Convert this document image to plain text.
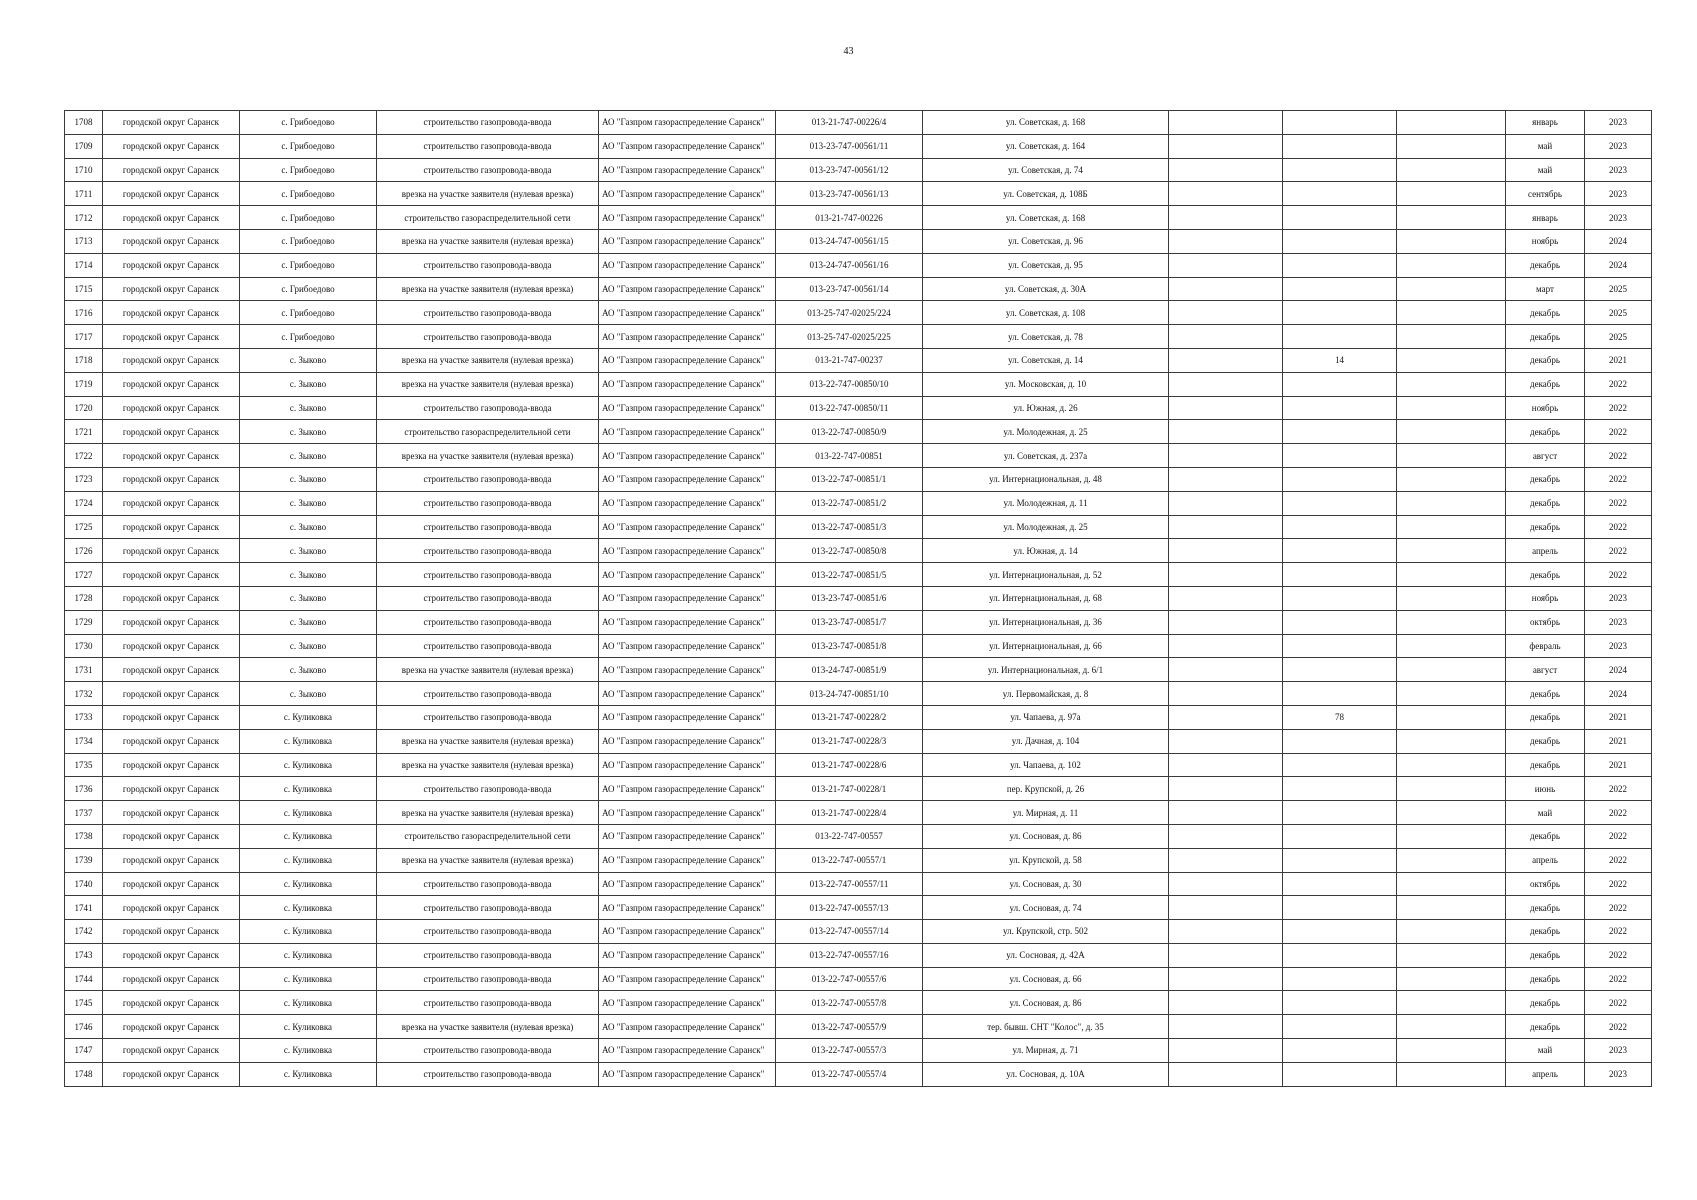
43
1708	городской округ Саранск	с. Грибоедово	строительство газопровода-ввода	АО "Газпром газораспределение Саранск"	013-21-747-00226/4	ул. Советская, д. 168				январь	2023
1709	городской округ Саранск	с. Грибоедово	строительство газопровода-ввода	АО "Газпром газораспределение Саранск"	013-23-747-00561/11	ул. Советская, д. 164				май	2023
1710	городской округ Саранск	с. Грибоедово	строительство газопровода-ввода	АО "Газпром газораспределение Саранск"	013-23-747-00561/12	ул. Советская, д. 74				май	2023
1711	городской округ Саранск	с. Грибоедово	врезка на участке заявителя (нулевая врезка)	АО "Газпром газораспределение Саранск"	013-23-747-00561/13	ул. Советская, д. 108Б				сентябрь	2023
1712	городской округ Саранск	с. Грибоедово	строительство газораспределительной сети	АО "Газпром газораспределение Саранск"	013-21-747-00226	ул. Советская, д. 168				январь	2023
1713	городской округ Саранск	с. Грибоедово	врезка на участке заявителя (нулевая врезка)	АО "Газпром газораспределение Саранск"	013-24-747-00561/15	ул. Советская, д. 96				ноябрь	2024
1714	городской округ Саранск	с. Грибоедово	строительство газопровода-ввода	АО "Газпром газораспределение Саранск"	013-24-747-00561/16	ул. Советская, д. 95				декабрь	2024
1715	городской округ Саранск	с. Грибоедово	врезка на участке заявителя (нулевая врезка)	АО "Газпром газораспределение Саранск"	013-23-747-00561/14	ул. Советская, д. 30А				март	2025
1716	городской округ Саранск	с. Грибоедово	строительство газопровода-ввода	АО "Газпром газораспределение Саранск"	013-25-747-02025/224	ул. Советская, д. 108				декабрь	2025
1717	городской округ Саранск	с. Грибоедово	строительство газопровода-ввода	АО "Газпром газораспределение Саранск"	013-25-747-02025/225	ул. Советская, д. 78				декабрь	2025
1718	городской округ Саранск	с. Зыково	врезка на участке заявителя (нулевая врезка)	АО "Газпром газораспределение Саранск"	013-21-747-00237	ул. Советская, д. 14		14		декабрь	2021
1719	городской округ Саранск	с. Зыково	врезка на участке заявителя (нулевая врезка)	АО "Газпром газораспределение Саранск"	013-22-747-00850/10	ул. Московская, д. 10				декабрь	2022
1720	городской округ Саранск	с. Зыково	строительство газопровода-ввода	АО "Газпром газораспределение Саранск"	013-22-747-00850/11	ул. Южная, д. 26				ноябрь	2022
1721	городской округ Саранск	с. Зыково	строительство газораспределительной сети	АО "Газпром газораспределение Саранск"	013-22-747-00850/9	ул. Молодежная, д. 25				декабрь	2022
1722	городской округ Саранск	с. Зыково	врезка на участке заявителя (нулевая врезка)	АО "Газпром газораспределение Саранск"	013-22-747-00851	ул. Советская, д. 237а				август	2022
1723	городской округ Саранск	с. Зыково	строительство газопровода-ввода	АО "Газпром газораспределение Саранск"	013-22-747-00851/1	ул. Интернациональная, д. 48				декабрь	2022
1724	городской округ Саранск	с. Зыково	строительство газопровода-ввода	АО "Газпром газораспределение Саранск"	013-22-747-00851/2	ул. Молодежная, д. 11				декабрь	2022
1725	городской округ Саранск	с. Зыково	строительство газопровода-ввода	АО "Газпром газораспределение Саранск"	013-22-747-00851/3	ул. Молодежная, д. 25				декабрь	2022
1726	городской округ Саранск	с. Зыково	строительство газопровода-ввода	АО "Газпром газораспределение Саранск"	013-22-747-00850/8	ул. Южная, д. 14				апрель	2022
1727	городской округ Саранск	с. Зыково	строительство газопровода-ввода	АО "Газпром газораспределение Саранск"	013-22-747-00851/5	ул. Интернациональная, д. 52				декабрь	2022
1728	городской округ Саранск	с. Зыково	строительство газопровода-ввода	АО "Газпром газораспределение Саранск"	013-23-747-00851/6	ул. Интернациональная, д. 68				ноябрь	2023
1729	городской округ Саранск	с. Зыково	строительство газопровода-ввода	АО "Газпром газораспределение Саранск"	013-23-747-00851/7	ул. Интернациональная, д. 36				октябрь	2023
1730	городской округ Саранск	с. Зыково	строительство газопровода-ввода	АО "Газпром газораспределение Саранск"	013-23-747-00851/8	ул. Интернациональная, д. 66				февраль	2023
1731	городской округ Саранск	с. Зыково	врезка на участке заявителя (нулевая врезка)	АО "Газпром газораспределение Саранск"	013-24-747-00851/9	ул. Интернациональная, д. 6/1				август	2024
1732	городской округ Саранск	с. Зыково	строительство газопровода-ввода	АО "Газпром газораспределение Саранск"	013-24-747-00851/10	ул. Первомайская, д. 8				декабрь	2024
1733	городской округ Саранск	с. Куликовка	строительство газопровода-ввода	АО "Газпром газораспределение Саранск"	013-21-747-00228/2	ул. Чапаева, д. 97а		78		декабрь	2021
1734	городской округ Саранск	с. Куликовка	врезка на участке заявителя (нулевая врезка)	АО "Газпром газораспределение Саранск"	013-21-747-00228/3	ул. Дачная, д. 104				декабрь	2021
1735	городской округ Саранск	с. Куликовка	врезка на участке заявителя (нулевая врезка)	АО "Газпром газораспределение Саранск"	013-21-747-00228/6	ул. Чапаева, д. 102				декабрь	2021
1736	городской округ Саранск	с. Куликовка	строительство газопровода-ввода	АО "Газпром газораспределение Саранск"	013-21-747-00228/1	пер. Крупской, д. 26				июнь	2022
1737	городской округ Саранск	с. Куликовка	врезка на участке заявителя (нулевая врезка)	АО "Газпром газораспределение Саранск"	013-21-747-00228/4	ул. Мирная, д. 11				май	2022
1738	городской округ Саранск	с. Куликовка	строительство газораспределительной сети	АО "Газпром газораспределение Саранск"	013-22-747-00557	ул. Сосновая, д. 86				декабрь	2022
1739	городской округ Саранск	с. Куликовка	врезка на участке заявителя (нулевая врезка)	АО "Газпром газораспределение Саранск"	013-22-747-00557/1	ул. Крупской, д. 58				апрель	2022
1740	городской округ Саранск	с. Куликовка	строительство газопровода-ввода	АО "Газпром газораспределение Саранск"	013-22-747-00557/11	ул. Сосновая, д. 30				октябрь	2022
1741	городской округ Саранск	с. Куликовка	строительство газопровода-ввода	АО "Газпром газораспределение Саранск"	013-22-747-00557/13	ул. Сосновая, д. 74				декабрь	2022
1742	городской округ Саранск	с. Куликовка	строительство газопровода-ввода	АО "Газпром газораспределение Саранск"	013-22-747-00557/14	ул. Крупской, стр. 502				декабрь	2022
1743	городской округ Саранск	с. Куликовка	строительство газопровода-ввода	АО "Газпром газораспределение Саранск"	013-22-747-00557/16	ул. Сосновая, д. 42А				декабрь	2022
1744	городской округ Саранск	с. Куликовка	строительство газопровода-ввода	АО "Газпром газораспределение Саранск"	013-22-747-00557/6	ул. Сосновая, д. 66				декабрь	2022
1745	городской округ Саранск	с. Куликовка	строительство газопровода-ввода	АО "Газпром газораспределение Саранск"	013-22-747-00557/8	ул. Сосновая, д. 86				декабрь	2022
1746	городской округ Саранск	с. Куликовка	врезка на участке заявителя (нулевая врезка)	АО "Газпром газораспределение Саранск"	013-22-747-00557/9	тер. бывш. СНТ "Колос", д. 35				декабрь	2022
1747	городской округ Саранск	с. Куликовка	строительство газопровода-ввода	АО "Газпром газораспределение Саранск"	013-22-747-00557/3	ул. Мирная, д. 71				май	2023
1748	городской округ Саранск	с. Куликовка	строительство газопровода-ввода	АО "Газпром газораспределение Саранск"	013-22-747-00557/4	ул. Сосновая, д. 10А				апрель	2023
